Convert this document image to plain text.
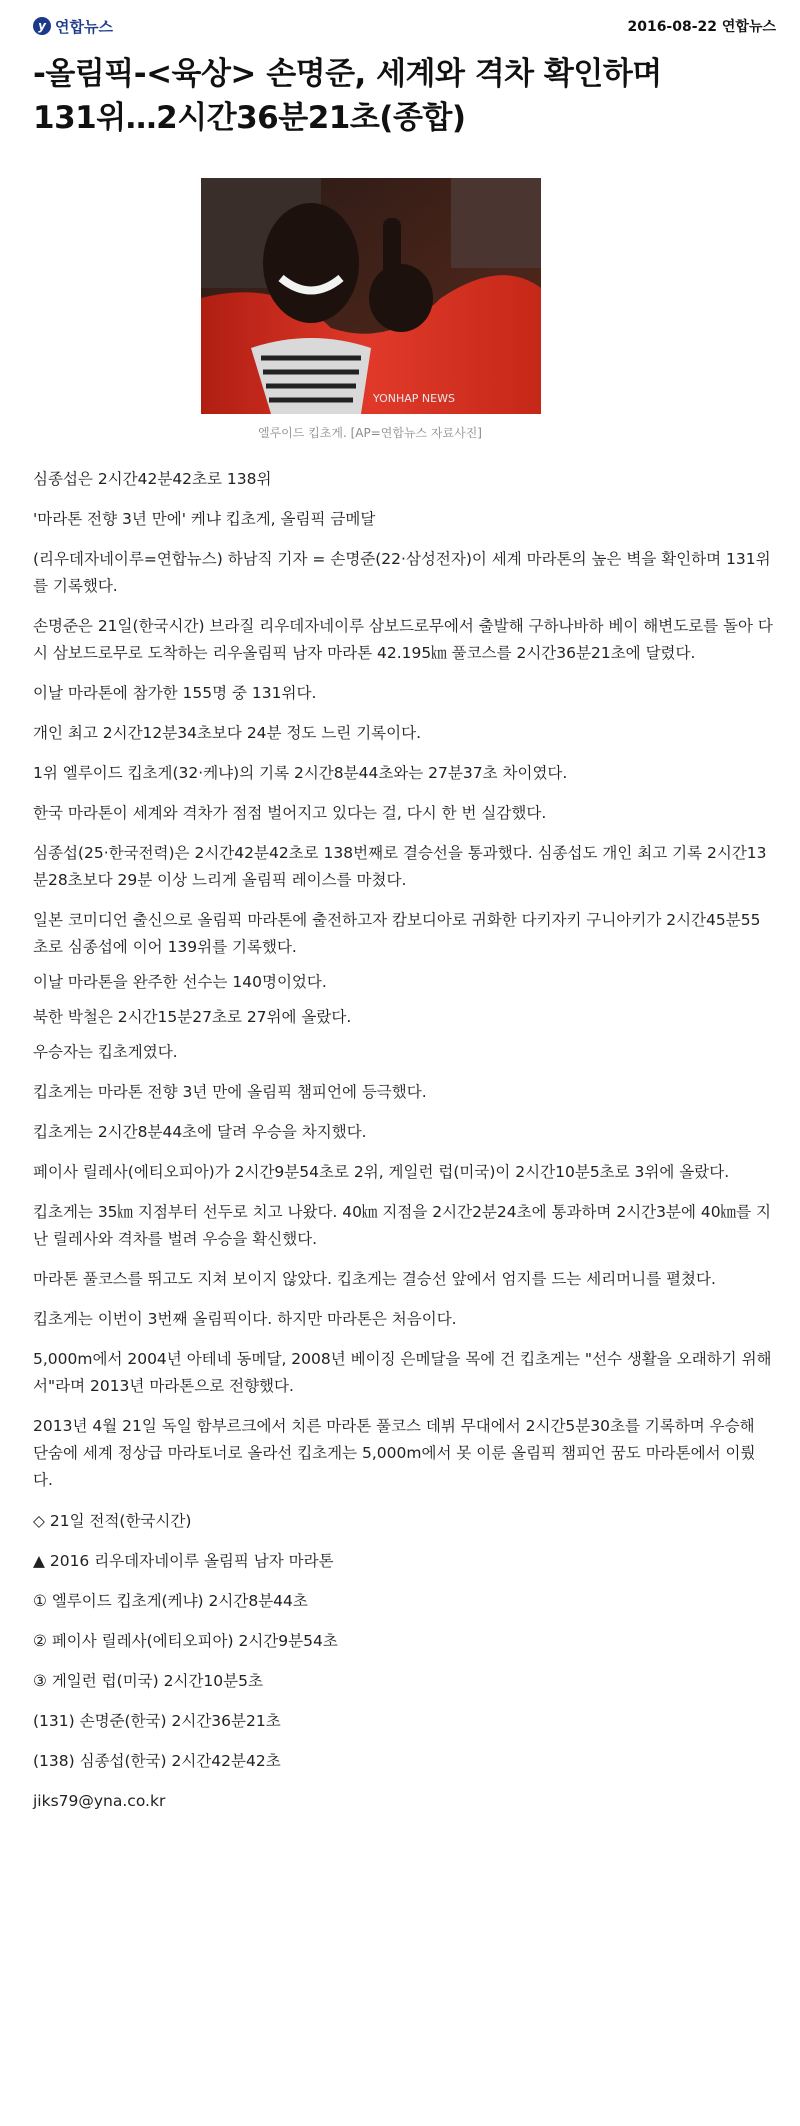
y 연합뉴스	2016-08-22 연합뉴스
-올림픽-<육상> 손명준, 세계와 격차 확인하며
131위…2시간36분21초(종합)
YONHAP NEWS
엘루이드 킵초게. [AP=연합뉴스 자료사진]

심종섭은 2시간42분42초로 138위

'마라톤 전향 3년 만에' 케냐 킵초게, 올림픽 금메달

(리우데자네이루=연합뉴스) 하남직 기자 = 손명준(22·삼성전자)이 세계 마라톤의 높은 벽을 확인하며 131위를 기록했다.

손명준은 21일(한국시간) 브라질 리우데자네이루 삼보드로무에서 출발해 구하나바하 베이 해변도로를 돌아 다시 삼보드로무로 도착하는 리우올림픽 남자 마라톤 42.195㎞ 풀코스를 2시간36분21초에 달렸다.

이날 마라톤에 참가한 155명 중 131위다.

개인 최고 2시간12분34초보다 24분 정도 느린 기록이다.

1위 엘루이드 킵초게(32·케냐)의 기록 2시간8분44초와는 27분37초 차이였다.

한국 마라톤이 세계와 격차가 점점 벌어지고 있다는 걸, 다시 한 번 실감했다.

심종섭(25·한국전력)은 2시간42분42초로 138번째로 결승선을 통과했다. 심종섭도 개인 최고 기록 2시간13분28초보다 29분 이상 느리게 올림픽 레이스를 마쳤다.

일본 코미디언 출신으로 올림픽 마라톤에 출전하고자 캄보디아로 귀화한 다키자키 구니아키가 2시간45분55초로 심종섭에 이어 139위를 기록했다.

이날 마라톤을 완주한 선수는 140명이었다.

북한 박철은 2시간15분27초로 27위에 올랐다.

우승자는 킵초게였다.

킵초게는 마라톤 전향 3년 만에 올림픽 챔피언에 등극했다.

킵초게는 2시간8분44초에 달려 우승을 차지했다.

페이사 릴레사(에티오피아)가 2시간9분54초로 2위, 게일런 럽(미국)이 2시간10분5초로 3위에 올랐다.

킵초게는 35㎞ 지점부터 선두로 치고 나왔다. 40㎞ 지점을 2시간2분24초에 통과하며 2시간3분에 40㎞를 지난 릴레사와 격차를 벌려 우승을 확신했다.

마라톤 풀코스를 뛰고도 지쳐 보이지 않았다. 킵초게는 결승선 앞에서 엄지를 드는 세리머니를 펼쳤다.

킵초게는 이번이 3번째 올림픽이다. 하지만 마라톤은 처음이다.

5,000m에서 2004년 아테네 동메달, 2008년 베이징 은메달을 목에 건 킵초게는 "선수 생활을 오래하기 위해서"라며 2013년 마라톤으로 전향했다.

2013년 4월 21일 독일 함부르크에서 치른 마라톤 풀코스 데뷔 무대에서 2시간5분30초를 기록하며 우승해 단숨에 세계 정상급 마라토너로 올라선 킵초게는 5,000m에서 못 이룬 올림픽 챔피언 꿈도 마라톤에서 이뤘다.

◇ 21일 전적(한국시간)

▲ 2016 리우데자네이루 올림픽 남자 마라톤

① 엘루이드 킵초게(케냐) 2시간8분44초

② 페이사 릴레사(에티오피아) 2시간9분54초

③ 게일런 럽(미국) 2시간10분5초

(131) 손명준(한국) 2시간36분21초

(138) 심종섭(한국) 2시간42분42초

jiks79@yna.co.kr
